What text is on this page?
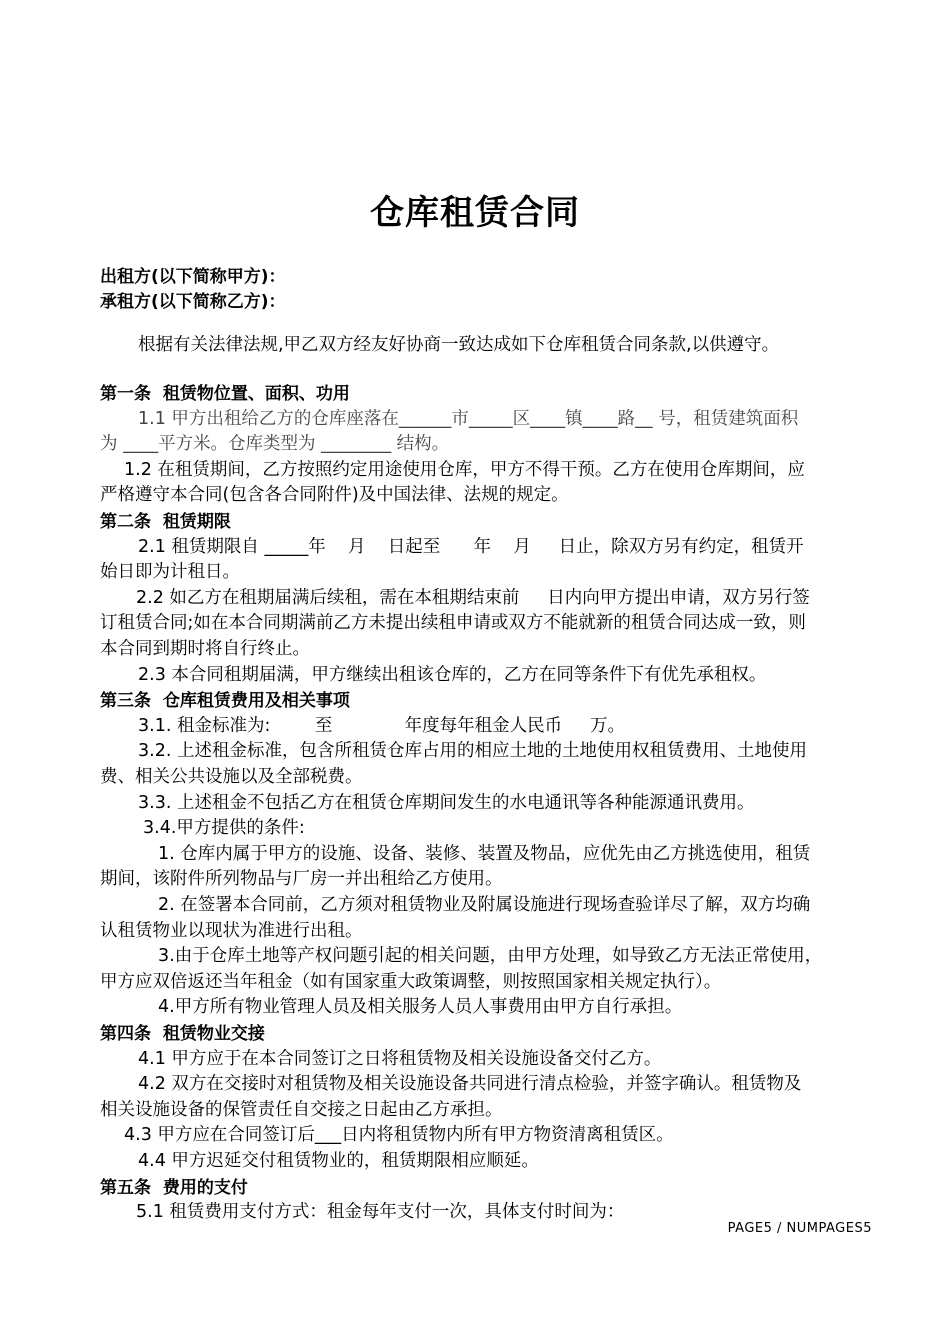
仓库租赁合同
出租方(以下简称甲方)：
承租方(以下简称乙方)：
根据有关法律法规,甲乙双方经友好协商一致达成如下仓库租赁合同条款,以供遵守。
第一条  租赁物位置、面积、功用
1.1 甲方出租给乙方的仓库座落在______市_____区____镇____路__ 号，租赁建筑面积
为 ____平方米。仓库类型为 ________ 结构。
1.2 在租赁期间，乙方按照约定用途使用仓库，甲方不得干预。乙方在使用仓库期间，应
严格遵守本合同(包含各合同附件)及中国法律、法规的规定。
第二条  租赁期限
2.1 租赁期限自 _____年    月    日起至      年    月     日止，除双方另有约定，租赁开
始日即为计租日。
2.2 如乙方在租期届满后续租，需在本租期结束前     日内向甲方提出申请，双方另行签
订租赁合同;如在本合同期满前乙方未提出续租申请或双方不能就新的租赁合同达成一致，则
本合同到期时将自行终止。
2.3 本合同租期届满，甲方继续出租该仓库的，乙方在同等条件下有优先承租权。
第三条  仓库租赁费用及相关事项
3.1. 租金标准为:        至             年度每年租金人民币     万。
3.2. 上述租金标准，包含所租赁仓库占用的相应土地的土地使用权租赁费用、土地使用
费、相关公共设施以及全部税费。
3.3. 上述租金不包括乙方在租赁仓库期间发生的水电通讯等各种能源通讯费用。
3.4.甲方提供的条件:
1. 仓库内属于甲方的设施、设备、装修、装置及物品，应优先由乙方挑选使用，租赁
期间，该附件所列物品与厂房一并出租给乙方使用。
2. 在签署本合同前，乙方须对租赁物业及附属设施进行现场查验详尽了解，双方均确
认租赁物业以现状为准进行出租。
3.由于仓库土地等产权问题引起的相关问题，由甲方处理，如导致乙方无法正常使用，
甲方应双倍返还当年租金（如有国家重大政策调整，则按照国家相关规定执行）。
4.甲方所有物业管理人员及相关服务人员人事费用由甲方自行承担。
第四条  租赁物业交接
4.1 甲方应于在本合同签订之日将租赁物及相关设施设备交付乙方。
4.2 双方在交接时对租赁物及相关设施设备共同进行清点检验，并签字确认。租赁物及
相关设施设备的保管责任自交接之日起由乙方承担。
4.3 甲方应在合同签订后___日内将租赁物内所有甲方物资清离租赁区。
4.4 甲方迟延交付租赁物业的，租赁期限相应顺延。
第五条  费用的支付
5.1 租赁费用支付方式：租金每年支付一次，具体支付时间为：
PAGE5 / NUMPAGES5
